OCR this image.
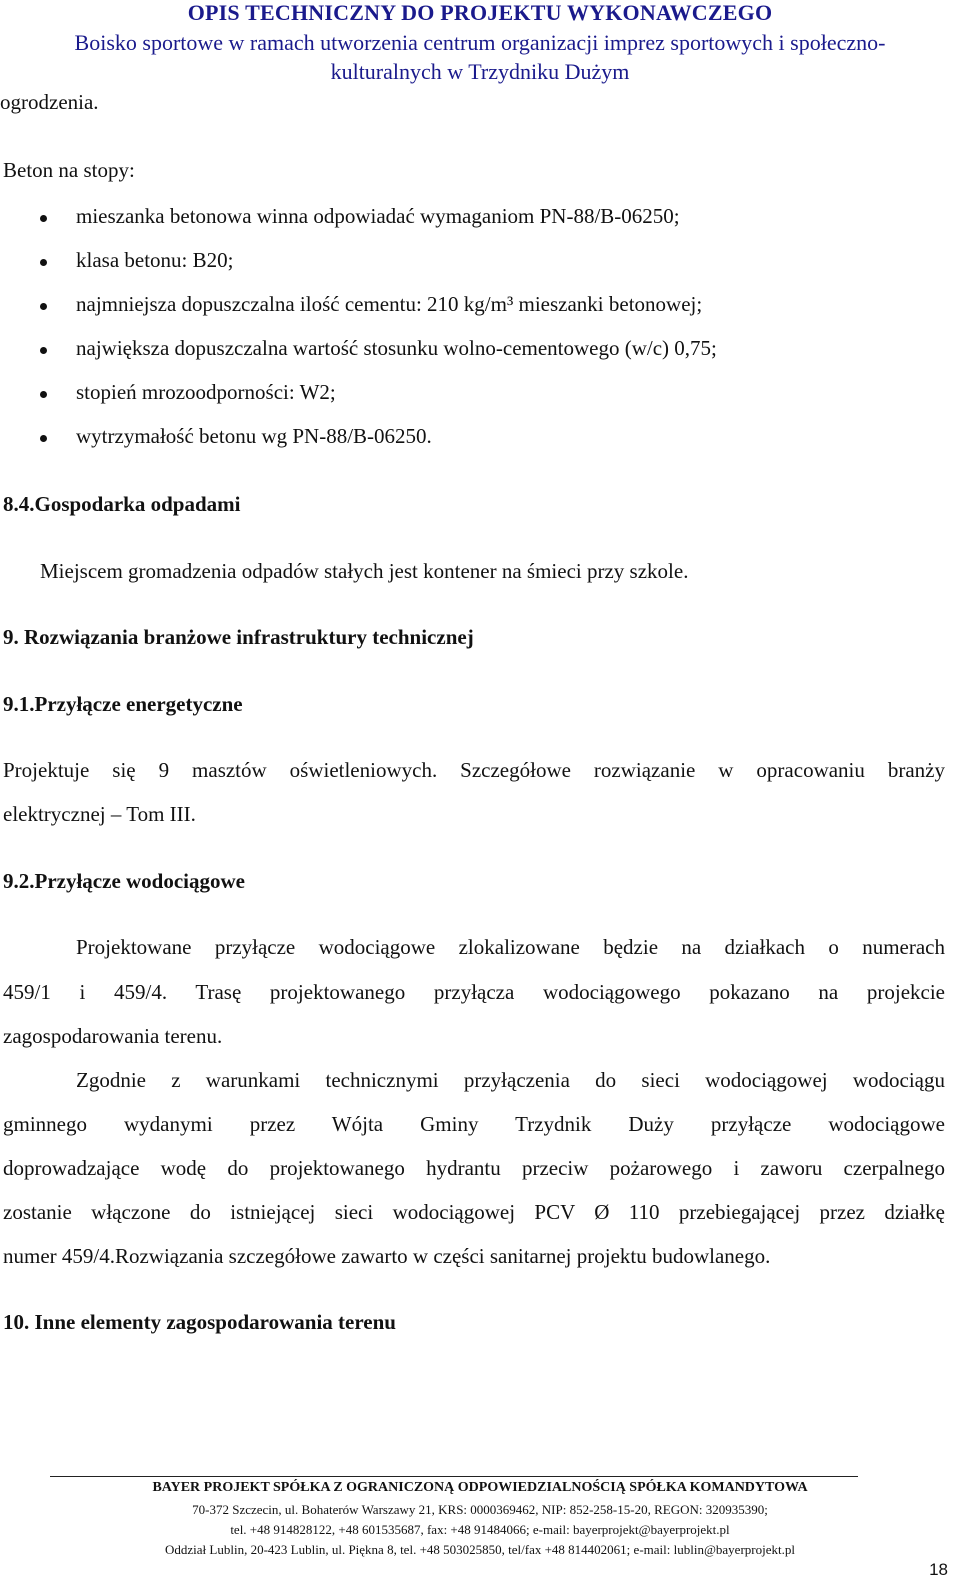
OPIS TECHNICZNY DO PROJEKTU WYKONAWCZEGO
Boisko sportowe w ramach utworzenia centrum organizacji imprez sportowych i społeczno-
kulturalnych w Trzydniku Dużym
ogrodzenia.
Beton na stopy:
mieszanka betonowa winna odpowiadać wymaganiom PN-88/B-06250;
klasa betonu: B20;
najmniejsza dopuszczalna ilość cementu: 210 kg/m³ mieszanki betonowej;
największa dopuszczalna wartość stosunku wolno-cementowego (w/c) 0,75;
stopień mrozoodporności: W2;
wytrzymałość betonu wg PN-88/B-06250.
8.4.Gospodarka odpadami
Miejscem gromadzenia odpadów stałych jest kontener na śmieci przy szkole.
9. Rozwiązania branżowe infrastruktury technicznej
9.1.Przyłącze energetyczne
Projektuje się 9 masztów oświetleniowych. Szczegółowe rozwiązanie w opracowaniu branży
elektrycznej – Tom III.
9.2.Przyłącze wodociągowe
Projektowane przyłącze wodociągowe zlokalizowane będzie na działkach o numerach
459/1 i 459/4. Trasę projektowanego przyłącza wodociągowego pokazano na projekcie
zagospodarowania terenu.
Zgodnie z warunkami technicznymi przyłączenia do sieci wodociągowej wodociągu
gminnego wydanymi przez Wójta Gminy Trzydnik Duży przyłącze wodociągowe
doprowadzające wodę do projektowanego hydrantu przeciw pożarowego i zaworu czerpalnego
zostanie włączone do istniejącej sieci wodociągowej PCV Ø 110 przebiegającej przez działkę
numer 459/4.Rozwiązania szczegółowe zawarto w części sanitarnej projektu budowlanego.
10. Inne elementy zagospodarowania terenu
BAYER PROJEKT SPÓŁKA Z OGRANICZONĄ ODPOWIEDZIALNOŚCIĄ SPÓŁKA KOMANDYTOWA
70-372 Szczecin, ul. Bohaterów Warszawy 21, KRS: 0000369462, NIP: 852-258-15-20, REGON: 320935390;
tel. +48 914828122, +48 601535687, fax: +48 91484066; e-mail: bayerprojekt@bayerprojekt.pl
Oddział Lublin, 20-423 Lublin, ul. Piękna 8, tel. +48 503025850, tel/fax +48 814402061; e-mail: lublin@bayerprojekt.pl
18
